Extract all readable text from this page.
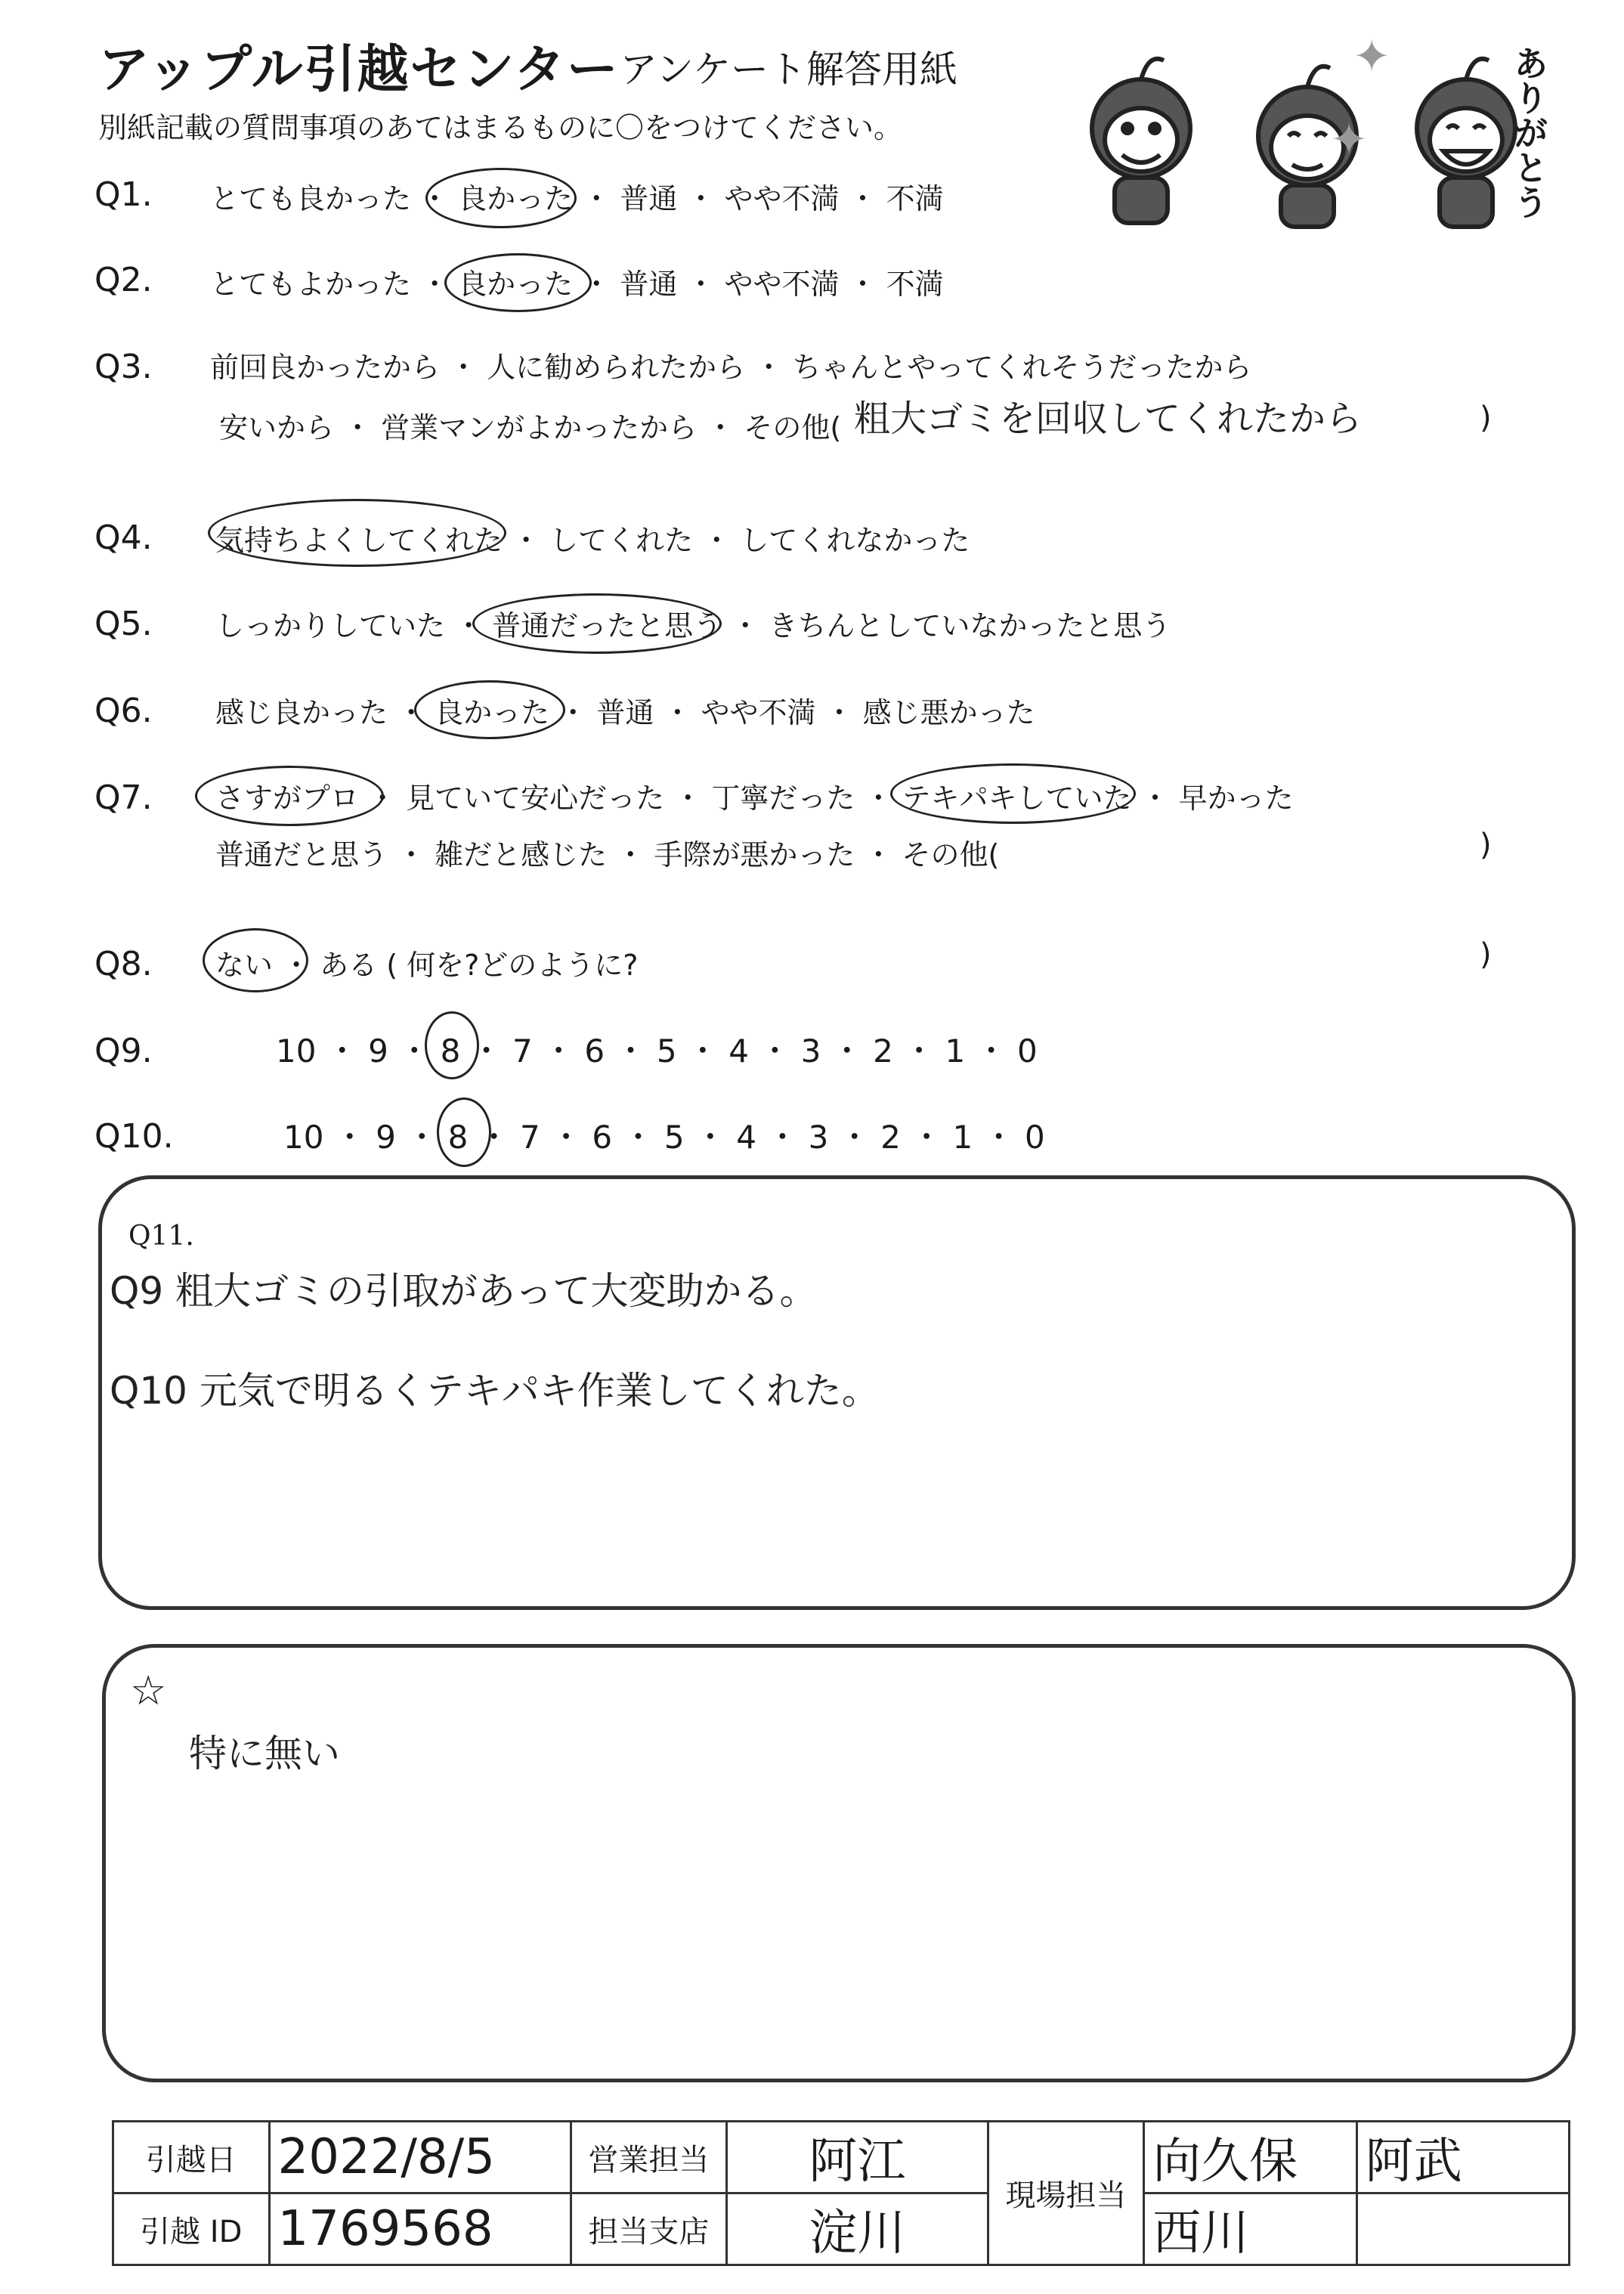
アップル引越センター アンケート解答用紙
別紙記載の質問事項のあてはまるものに〇をつけてください。
✦
✦	ありがとう
Q1. とても良かった ・ 良かった ・ 普通 ・ やや不満 ・ 不満
Q2. とてもよかった ・ 良かった ・ 普通 ・ やや不満 ・ 不満
Q3. 前回良かったから ・ 人に勧められたから ・ ちゃんとやってくれそうだったから
安いから ・ 営業マンがよかったから ・ その他( 粗大ゴミを回収してくれたから	)
Q4. 気持ちよくしてくれた ・ してくれた ・ してくれなかった
Q5. しっかりしていた ・ 普通だったと思う ・ きちんとしていなかったと思う
Q6. 感じ良かった ・ 良かった ・ 普通 ・ やや不満 ・ 感じ悪かった
Q7. さすがプロ ・ 見ていて安心だった ・ 丁寧だった ・ テキパキしていた ・ 早かった
普通だと思う ・ 雑だと感じた ・ 手際が悪かった ・ その他(	)
Q8. ない ・ ある ( 何を?どのように?	)
Q9.	10 ・ 9 ・ 8 ・ 7 ・ 6 ・ 5 ・ 4 ・ 3 ・ 2 ・ 1 ・ 0
Q10.	10 ・ 9 ・ 8 ・ 7 ・ 6 ・ 5 ・ 4 ・ 3 ・ 2 ・ 1 ・ 0
Q11.
Q9 粗大ゴミの引取があって大変助かる。
Q10 元気で明るくテキパキ作業してくれた。
☆
特に無い
引越日	2022/8/5	営業担当	阿江	現場担当	向久保	阿武
引越 ID	1769568	担当支店	淀川		西川	
